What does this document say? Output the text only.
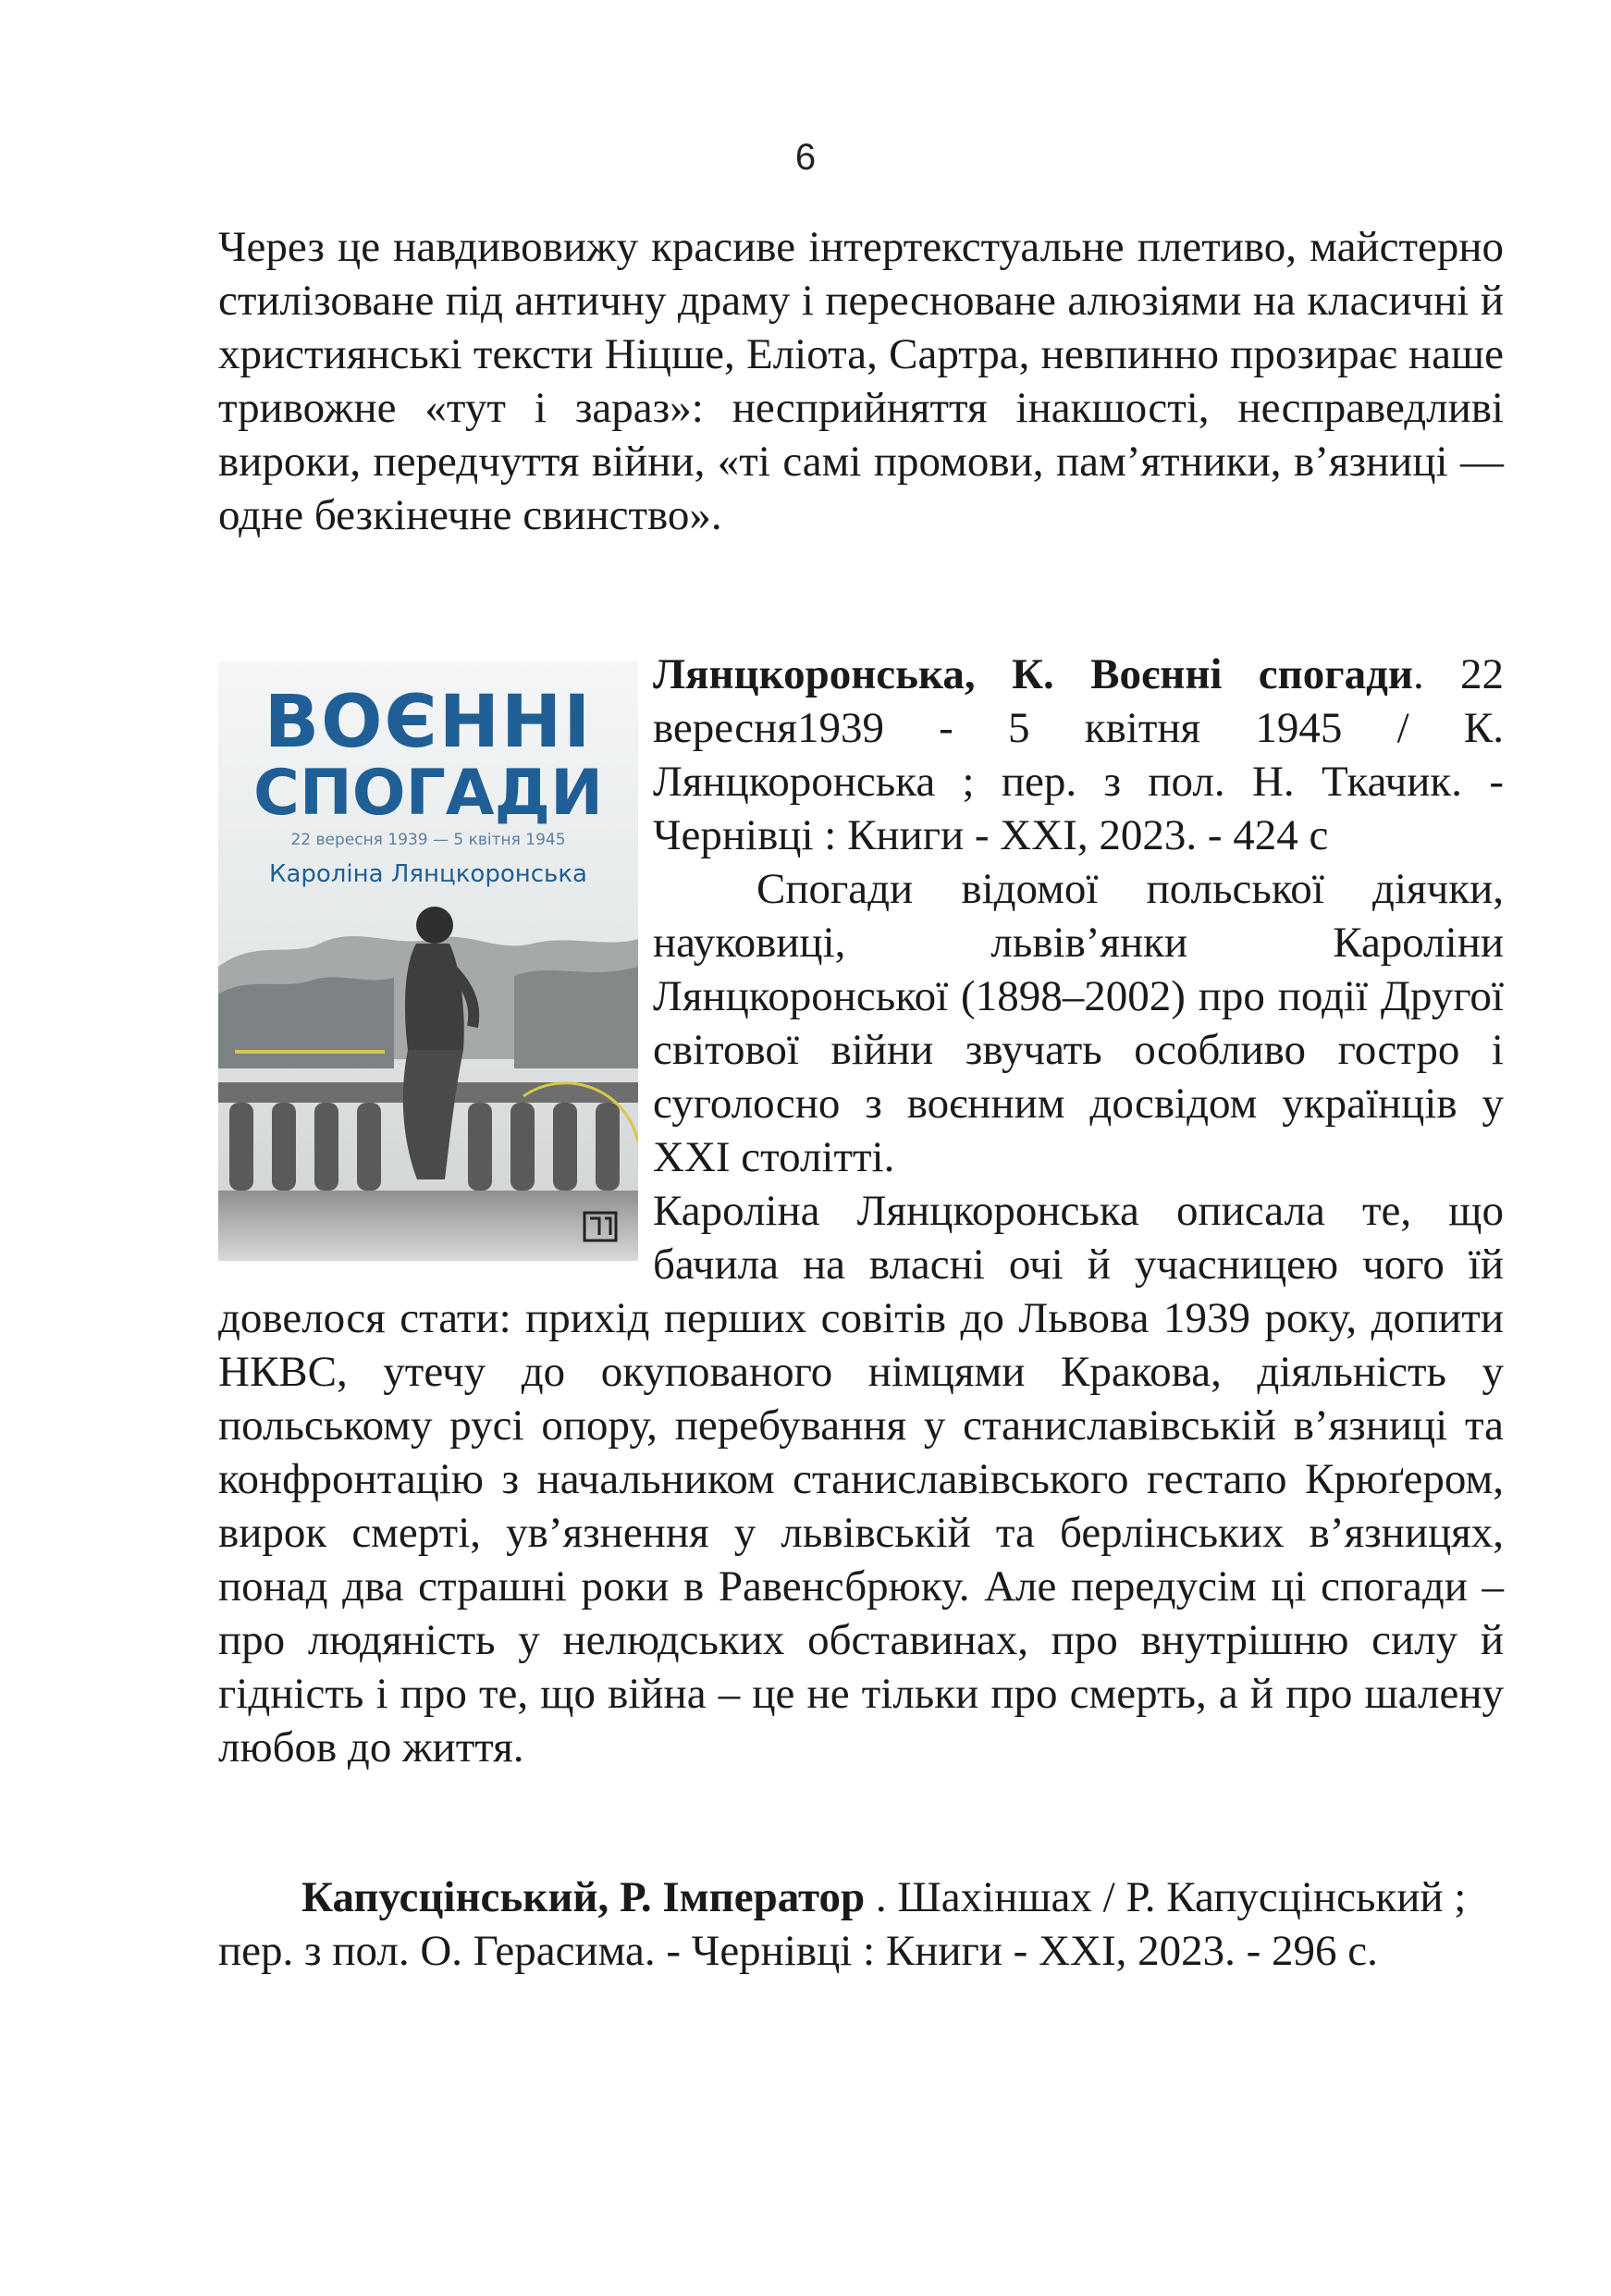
6
Через це навдивовижу красиве інтертекстуальне плетиво, майстерно стилізоване під античну драму і пересноване алюзіями на класичні й християнські тексти Ніцше, Еліота, Сартра, невпинно прозирає наше тривожне «тут і зараз»: несприйняття інакшості, несправедливі вироки, передчуття війни, «ті самі промови, пам’ятники, в’язниці — одне безкінечне свинство».
ВОЄННІ
СПОГАДИ
22 вересня 1939 — 5 квітня 1945
Кароліна Лянцкоронська
Лянцкоронська, К. Воєнні спогади. 22 вересня1939 - 5 квітня 1945 / К. Лянцкоронська ; пер. з пол. Н. Ткачик. - Чернівці : Книги - ХХІ, 2023. - 424 с
Спогади відомої польської діячки, науковиці, львів’янки Кароліни Лянцкоронської (1898–2002) про події Другої світової війни звучать особливо гостро і суголосно з воєнним досвідом українців у ХХІ столітті.
Кароліна Лянцкоронська описала те, що бачила на власні очі й учасницею чого їй довелося стати: прихід перших совітів до Львова 1939 року, допити НКВС, утечу до окупованого німцями Кракова, діяльність у польському русі опору, перебування у станиславівській в’язниці та конфронтацію з начальником станиславівського гестапо Крюґером, вирок смерті, ув’язнення у львівській та берлінських в’язницях, понад два страшні роки в Равенсбрюку. Але передусім ці спогади – про людяність у нелюдських обставинах, про внутрішню силу й гідність і про те, що війна – це не тільки про смерть, а й про шалену любов до життя.
Капусцінський, Р. Імператор . Шахіншах / Р. Капусцінський ; пер. з пол. О. Герасима. - Чернівці : Книги - ХХІ, 2023. - 296 с.
